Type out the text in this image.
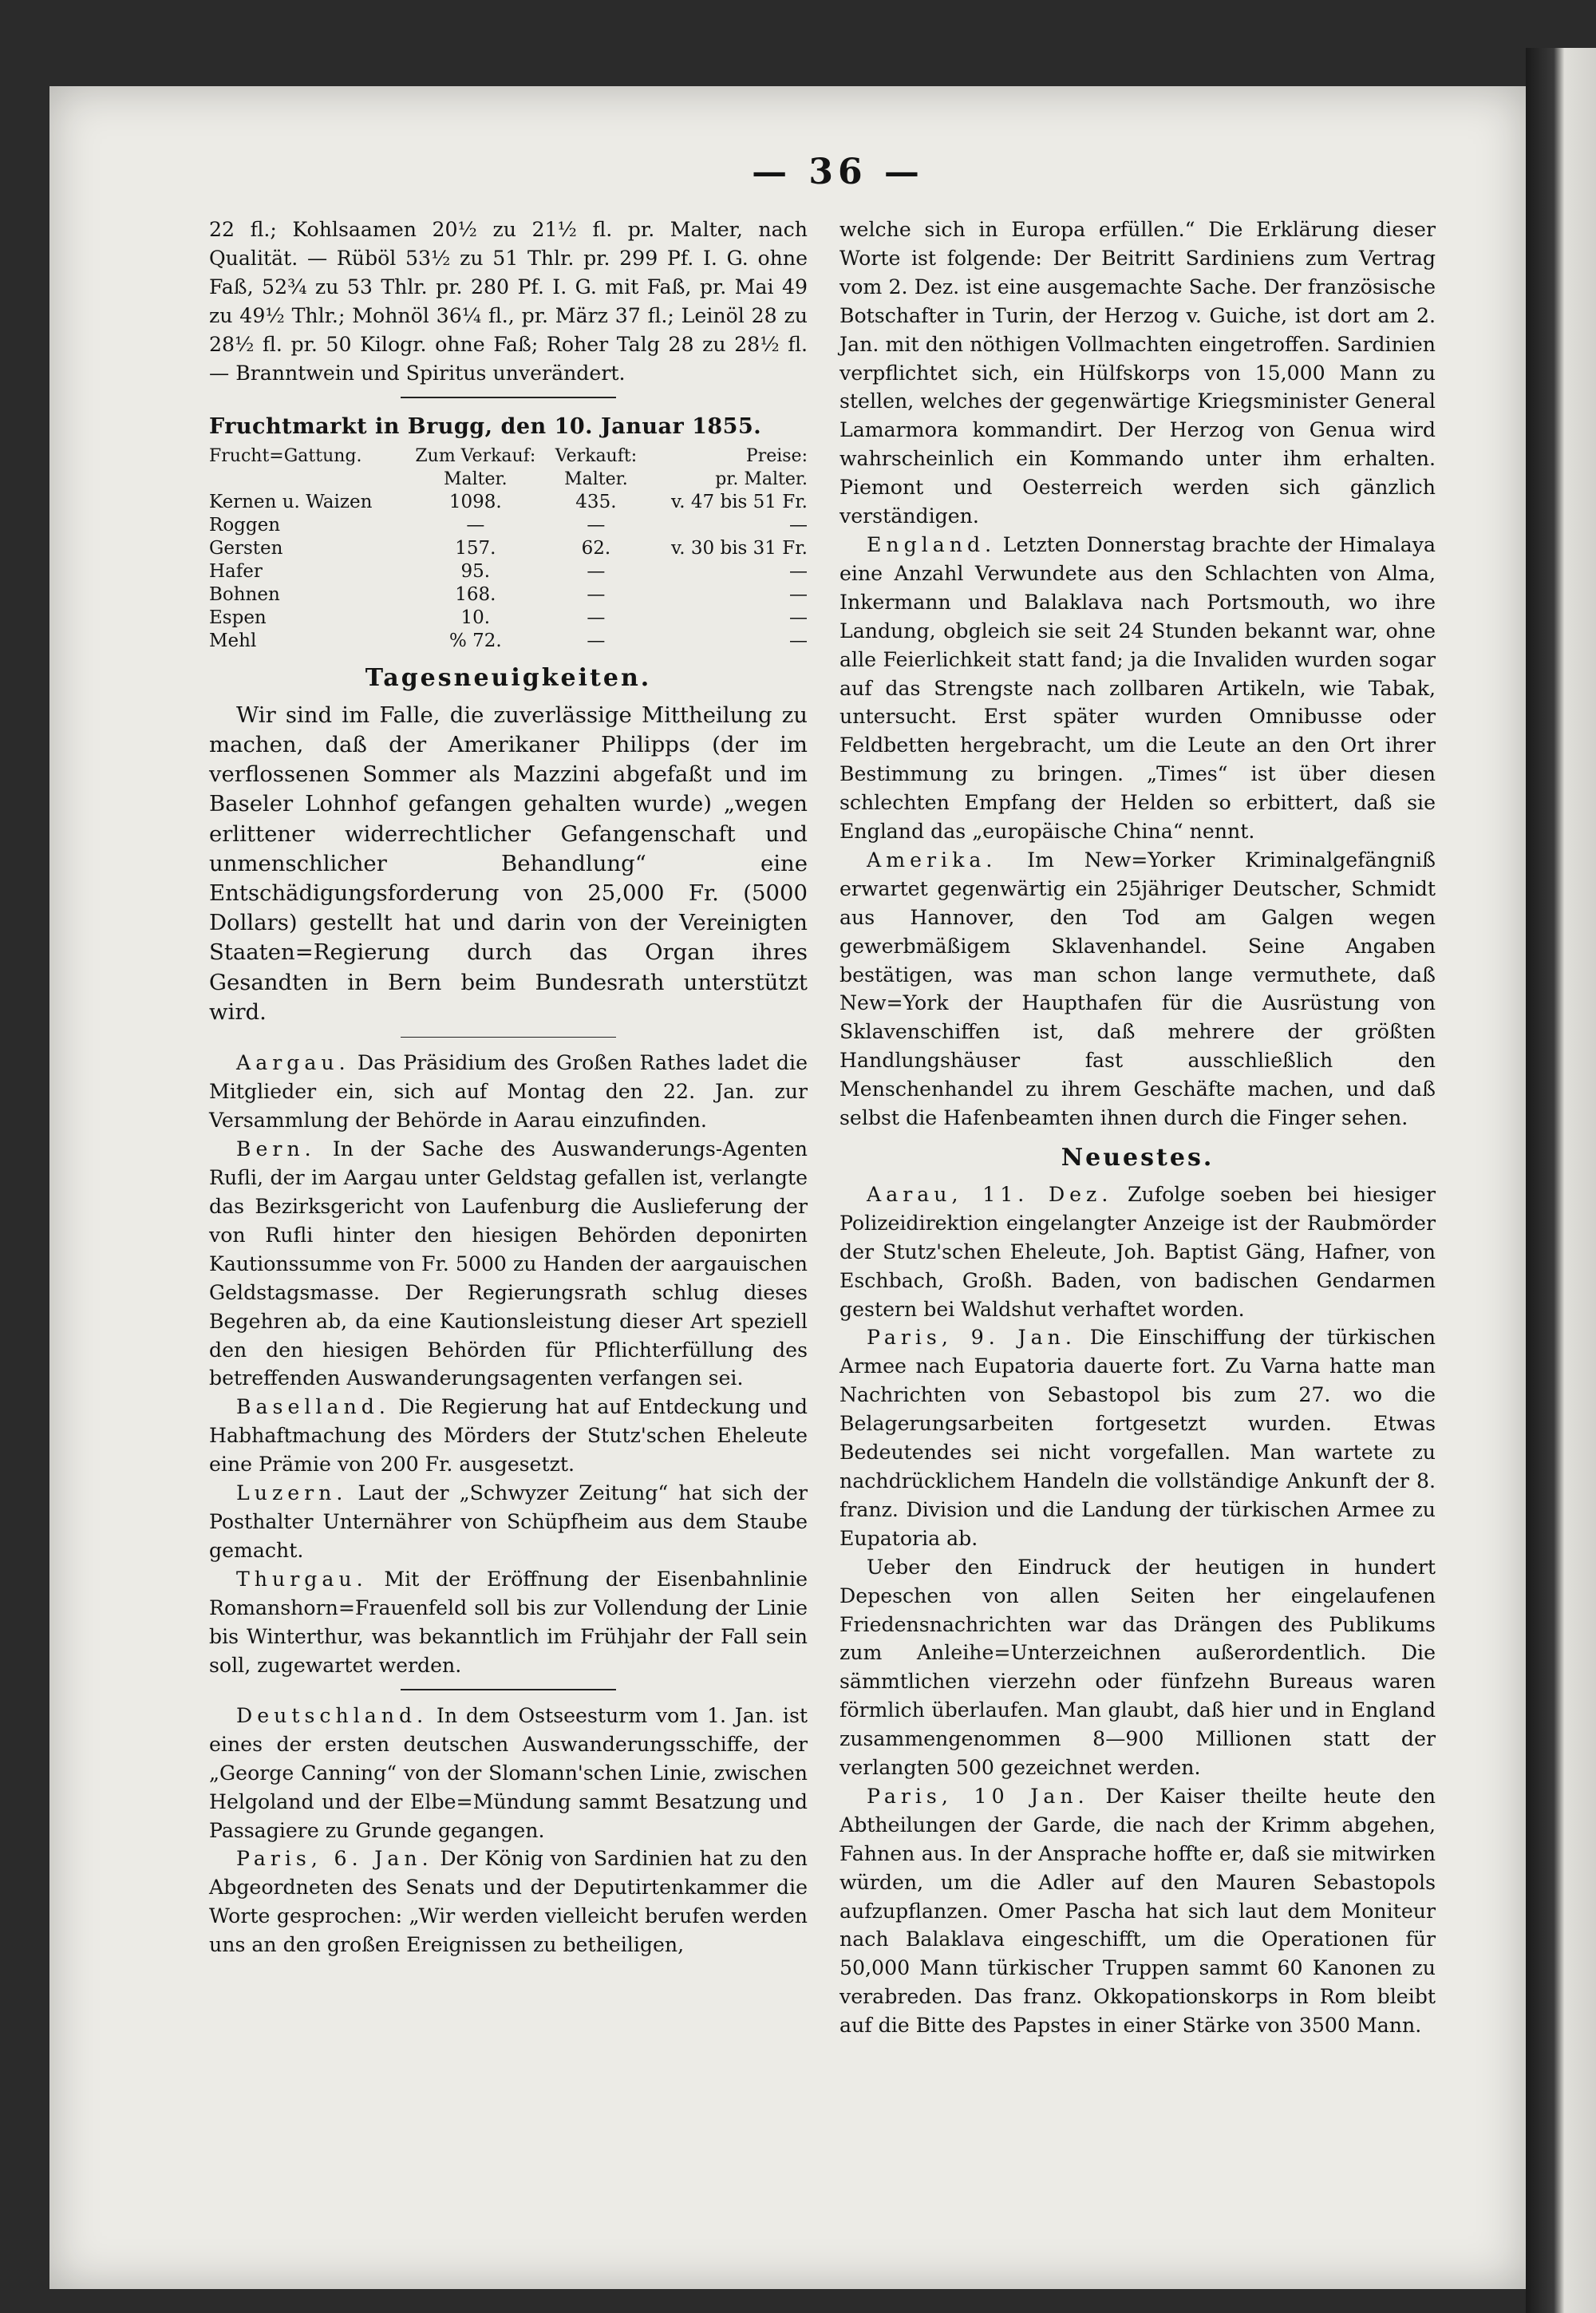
— 36 —

22 fl.; Kohlsaamen 20½ zu 21½ fl. pr. Malter, nach Qualität. — Rüböl 53½ zu 51 Thlr. pr. 299 Pf. I. G. ohne Faß, 52¾ zu 53 Thlr. pr. 280 Pf. I. G. mit Faß, pr. Mai 49 zu 49½ Thlr.; Mohnöl 36¼ fl., pr. März 37 fl.; Leinöl 28 zu 28½ fl. pr. 50 Kilogr. ohne Faß; Roher Talg 28 zu 28½ fl. — Branntwein und Spiritus unverändert.

Fruchtmarkt in Brugg, den 10. Januar 1855.
Frucht=Gattung.	Zum Verkauf:	Verkauft:	Preise:
	Malter.	Malter.	pr. Malter.
Kernen u. Waizen	1098.	435.	v. 47 bis 51 Fr.
Roggen	—	—	—
Gersten	157.	62.	v. 30 bis 31 Fr.
Hafer	95.	—	—
Bohnen	168.	—	—
Espen	10.	—	—
Mehl	% 72.	—	—
Tagesneuigkeiten.

Wir sind im Falle, die zuverlässige Mittheilung zu machen, daß der Amerikaner Philipps (der im verflossenen Sommer als Mazzini abgefaßt und im Baseler Lohnhof gefangen gehalten wurde) „wegen erlittener widerrechtlicher Gefangenschaft und unmenschlicher Behandlung“ eine Entschädigungsforderung von 25,000 Fr. (5000 Dollars) gestellt hat und darin von der Vereinigten Staaten=Regierung durch das Organ ihres Gesandten in Bern beim Bundesrath unterstützt wird.

Aargau. Das Präsidium des Großen Rathes ladet die Mitglieder ein, sich auf Montag den 22. Jan. zur Versammlung der Behörde in Aarau einzufinden.

Bern. In der Sache des Auswanderungs-Agenten Rufli, der im Aargau unter Geldstag gefallen ist, verlangte das Bezirksgericht von Laufenburg die Auslieferung der von Rufli hinter den hiesigen Behörden deponirten Kautionssumme von Fr. 5000 zu Handen der aargauischen Geldstagsmasse. Der Regierungsrath schlug dieses Begehren ab, da eine Kautionsleistung dieser Art speziell den den hiesigen Behörden für Pflichterfüllung des betreffenden Auswanderungsagenten verfangen sei.

Baselland. Die Regierung hat auf Entdeckung und Habhaftmachung des Mörders der Stutz'schen Eheleute eine Prämie von 200 Fr. ausgesetzt.

Luzern. Laut der „Schwyzer Zeitung“ hat sich der Posthalter Unternährer von Schüpfheim aus dem Staube gemacht.

Thurgau. Mit der Eröffnung der Eisenbahnlinie Romanshorn=Frauenfeld soll bis zur Vollendung der Linie bis Winterthur, was bekanntlich im Frühjahr der Fall sein soll, zugewartet werden.

Deutschland. In dem Ostseesturm vom 1. Jan. ist eines der ersten deutschen Auswanderungsschiffe, der „George Canning“ von der Slomann'schen Linie, zwischen Helgoland und der Elbe=Mündung sammt Besatzung und Passagiere zu Grunde gegangen.

Paris, 6. Jan. Der König von Sardinien hat zu den Abgeordneten des Senats und der Deputirtenkammer die Worte gesprochen: „Wir werden vielleicht berufen werden uns an den großen Ereignissen zu betheiligen,

welche sich in Europa erfüllen.“ Die Erklärung dieser Worte ist folgende: Der Beitritt Sardiniens zum Vertrag vom 2. Dez. ist eine ausgemachte Sache. Der französische Botschafter in Turin, der Herzog v. Guiche, ist dort am 2. Jan. mit den nöthigen Vollmachten eingetroffen. Sardinien verpflichtet sich, ein Hülfskorps von 15,000 Mann zu stellen, welches der gegenwärtige Kriegsminister General Lamarmora kommandirt. Der Herzog von Genua wird wahrscheinlich ein Kommando unter ihm erhalten. Piemont und Oesterreich werden sich gänzlich verständigen.

England. Letzten Donnerstag brachte der Himalaya eine Anzahl Verwundete aus den Schlachten von Alma, Inkermann und Balaklava nach Portsmouth, wo ihre Landung, obgleich sie seit 24 Stunden bekannt war, ohne alle Feierlichkeit statt fand; ja die Invaliden wurden sogar auf das Strengste nach zollbaren Artikeln, wie Tabak, untersucht. Erst später wurden Omnibusse oder Feldbetten hergebracht, um die Leute an den Ort ihrer Bestimmung zu bringen. „Times“ ist über diesen schlechten Empfang der Helden so erbittert, daß sie England das „europäische China“ nennt.

Amerika. Im New=Yorker Kriminalgefängniß erwartet gegenwärtig ein 25jähriger Deutscher, Schmidt aus Hannover, den Tod am Galgen wegen gewerbmäßigem Sklavenhandel. Seine Angaben bestätigen, was man schon lange vermuthete, daß New=York der Haupthafen für die Ausrüstung von Sklavenschiffen ist, daß mehrere der größten Handlungshäuser fast ausschließlich den Menschenhandel zu ihrem Geschäfte machen, und daß selbst die Hafenbeamten ihnen durch die Finger sehen.

Neuestes.

Aarau, 11. Dez. Zufolge soeben bei hiesiger Polizeidirektion eingelangter Anzeige ist der Raubmörder der Stutz'schen Eheleute, Joh. Baptist Gäng, Hafner, von Eschbach, Großh. Baden, von badischen Gendarmen gestern bei Waldshut verhaftet worden.

Paris, 9. Jan. Die Einschiffung der türkischen Armee nach Eupatoria dauerte fort. Zu Varna hatte man Nachrichten von Sebastopol bis zum 27. wo die Belagerungsarbeiten fortgesetzt wurden. Etwas Bedeutendes sei nicht vorgefallen. Man wartete zu nachdrücklichem Handeln die vollständige Ankunft der 8. franz. Division und die Landung der türkischen Armee zu Eupatoria ab.

Ueber den Eindruck der heutigen in hundert Depeschen von allen Seiten her eingelaufenen Friedensnachrichten war das Drängen des Publikums zum Anleihe=Unterzeichnen außerordentlich. Die sämmtlichen vierzehn oder fünfzehn Bureaus waren förmlich überlaufen. Man glaubt, daß hier und in England zusammengenommen 8—900 Millionen statt der verlangten 500 gezeichnet werden.

Paris, 10 Jan. Der Kaiser theilte heute den Abtheilungen der Garde, die nach der Krimm abgehen, Fahnen aus. In der Ansprache hoffte er, daß sie mitwirken würden, um die Adler auf den Mauren Sebastopols aufzupflanzen. Omer Pascha hat sich laut dem Moniteur nach Balaklava eingeschifft, um die Operationen für 50,000 Mann türkischer Truppen sammt 60 Kanonen zu verabreden. Das franz. Okkopationskorps in Rom bleibt auf die Bitte des Papstes in einer Stärke von 3500 Mann.
